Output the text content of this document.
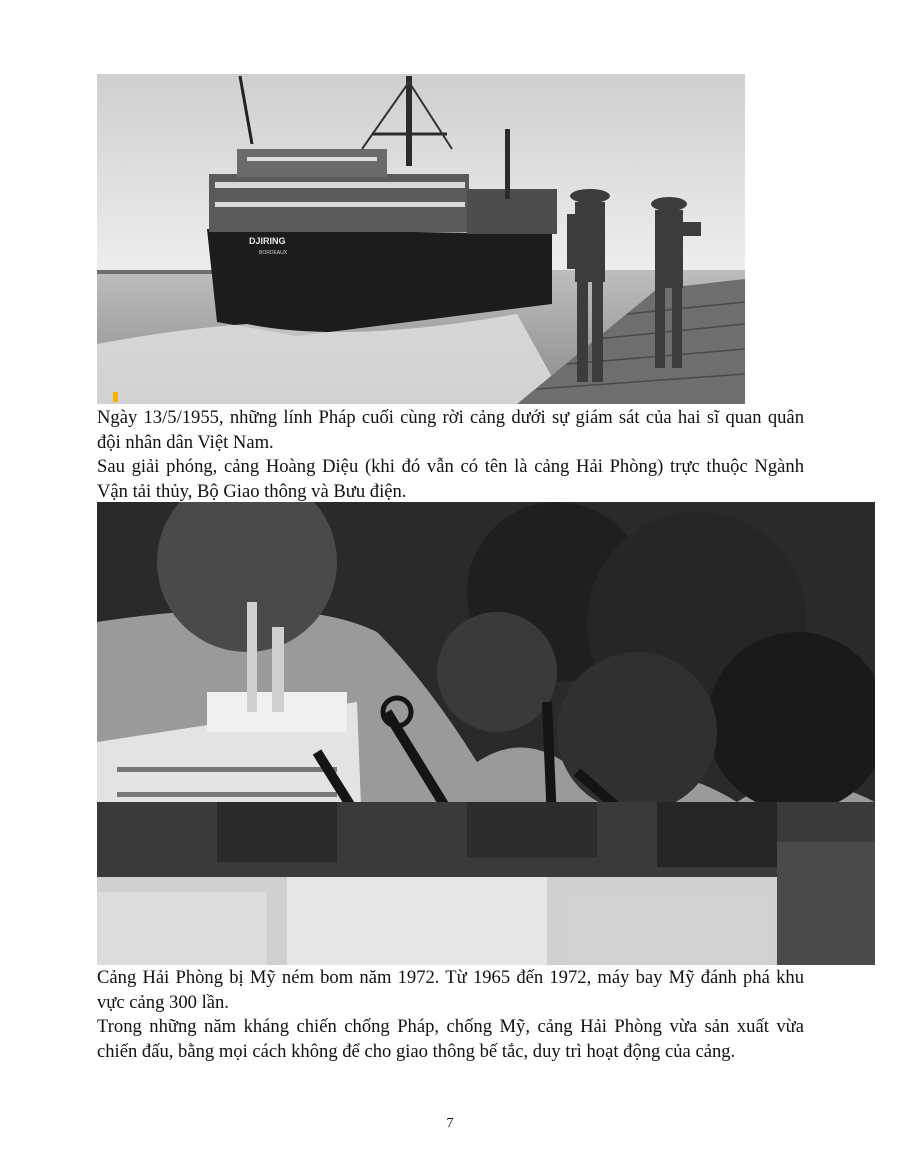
DJIRING
BORDEAUX

Ngày 13/5/1955, những lính Pháp cuối cùng rời cảng dưới sự giám sát của hai sĩ quan quân đội nhân dân Việt Nam.

Sau giải phóng, cảng Hoàng Diệu (khi đó vẫn có tên là cảng Hải Phòng) trực thuộc Ngành Vận tải thủy, Bộ Giao thông và Bưu điện.

Cảng Hải Phòng bị Mỹ ném bom năm 1972. Từ 1965 đến 1972, máy bay Mỹ đánh phá khu vực cảng 300 lần.

Trong những năm kháng chiến chống Pháp, chống Mỹ, cảng Hải Phòng vừa sản xuất vừa chiến đấu, bằng mọi cách không để cho giao thông bế tắc, duy trì hoạt động của cảng.

7
